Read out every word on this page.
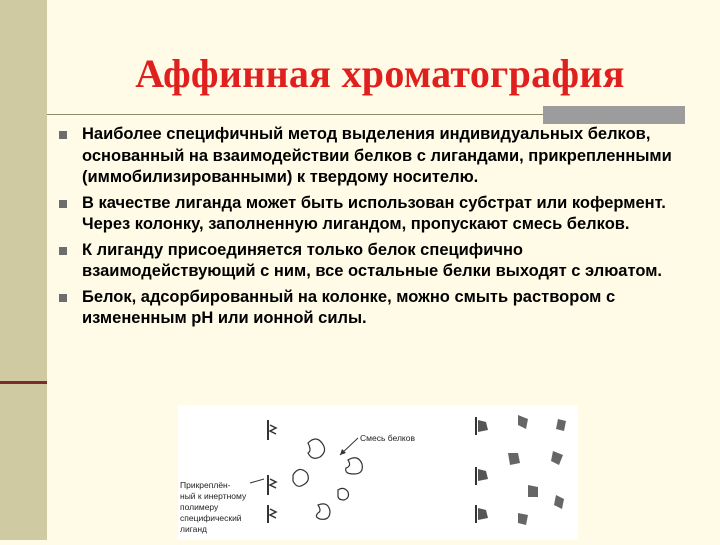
Аффинная хроматография
Наиболее специфичный метод выделения индивидуальных белков, основанный на взаимодействии белков с лигандами, прикрепленными (иммобилизированными) к твердому носителю.
В качестве лиганда может быть использован субстрат или кофермент. Через колонку, заполненную лигандом, пропускают смесь белков.
К лиганду присоединяется только белок специфично взаимодействующий с ним, все остальные белки выходят с элюатом.
Белок, адсорбированный на колонке, можно смыть раствором с измененным рН или ионной силы.
Смесь белков
Прикреплён- ный к инертному полимеру специфический лиганд
